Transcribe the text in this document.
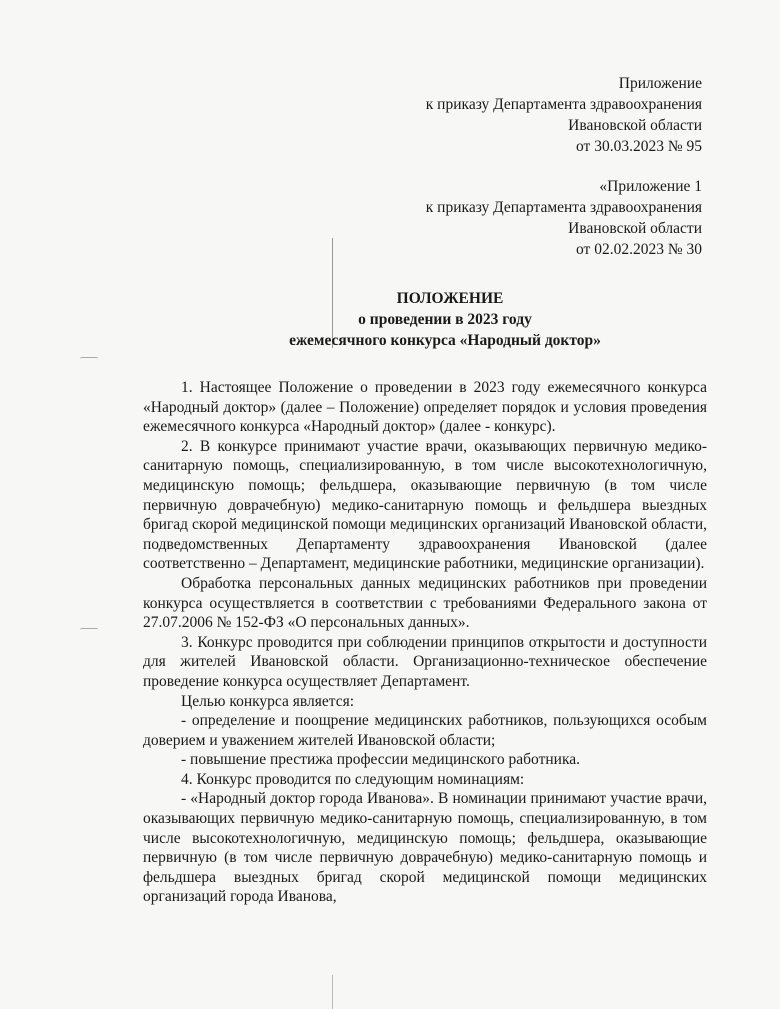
Приложение
к приказу Департамента здравоохранения
Ивановской области
от 30.03.2023 № 95
«Приложение 1
к приказу Департамента здравоохранения
Ивановской области
от 02.02.2023 № 30
ПОЛОЖЕНИЕ
о проведении в 2023 году
ежемесячного конкурса «Народный доктор»

1. Настоящее Положение о проведении в 2023 году ежемесячного конкурса «Народный доктор» (далее – Положение) определяет порядок и условия проведения ежемесячного конкурса «Народный доктор» (далее - конкурс).

2. В конкурсе принимают участие врачи, оказывающих первичную медико-санитарную помощь, специализированную, в том числе высокотехнологичную, медицинскую помощь; фельдшера, оказывающие первичную (в том числе первичную доврачебную) медико-санитарную помощь и фельдшера выездных бригад скорой медицинской помощи медицинских организаций Ивановской области, подведомственных Департаменту здравоохранения Ивановской (далее соответственно – Департамент, медицинские работники, медицинские организации).

Обработка персональных данных медицинских работников при проведении конкурса осуществляется в соответствии с требованиями Федерального закона от 27.07.2006 № 152-ФЗ «О персональных данных».

3. Конкурс проводится при соблюдении принципов открытости и доступности для жителей Ивановской области. Организационно-техническое обеспечение проведение конкурса осуществляет Департамент.

Целью конкурса является:

- определение и поощрение медицинских работников, пользующихся особым доверием и уважением жителей Ивановской области;

- повышение престижа профессии медицинского работника.

4. Конкурс проводится по следующим номинациям:

- «Народный доктор города Иванова». В номинации принимают участие врачи, оказывающих первичную медико-санитарную помощь, специализированную, в том числе высокотехнологичную, медицинскую помощь; фельдшера, оказывающие первичную (в том числе первичную доврачебную) медико-санитарную помощь и фельдшера выездных бригад скорой медицинской помощи медицинских организаций города Иванова,
